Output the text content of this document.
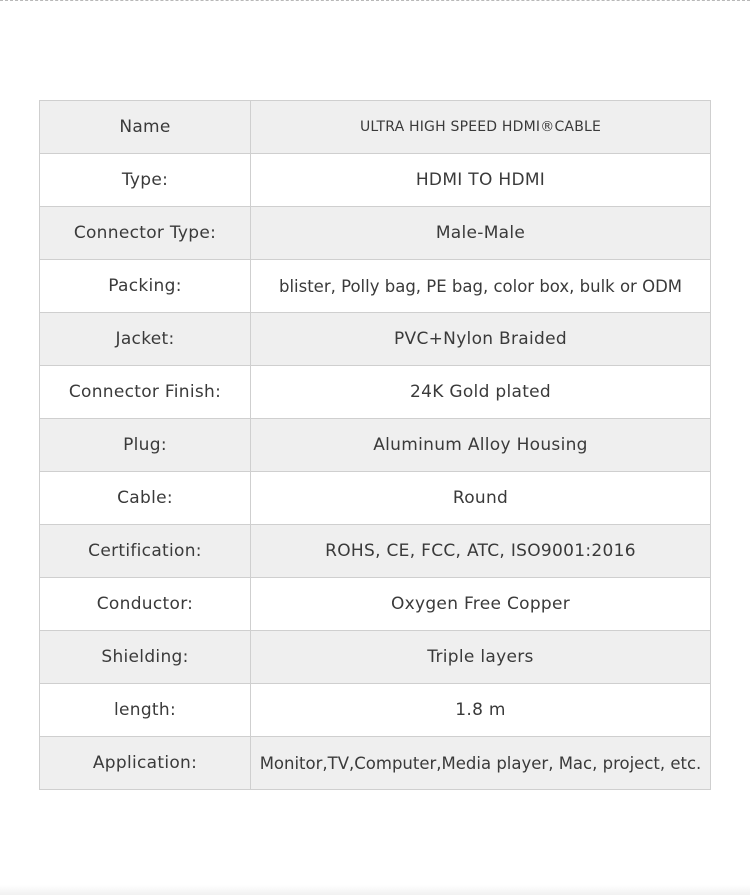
Name	ULTRA HIGH SPEED HDMI®CABLE
Type:	HDMI TO HDMI
Connector Type:	Male-Male
Packing:	blister, Polly bag, PE bag, color box, bulk or ODM
Jacket:	PVC+Nylon Braided
Connector Finish:	24K Gold plated
Plug:	Aluminum Alloy Housing
Cable:	Round
Certification:	ROHS, CE, FCC, ATC, ISO9001:2016
Conductor:	Oxygen Free Copper
Shielding:	Triple layers
length:	1.8 m
Application:	Monitor,TV,Computer,Media player, Mac, project, etc.
